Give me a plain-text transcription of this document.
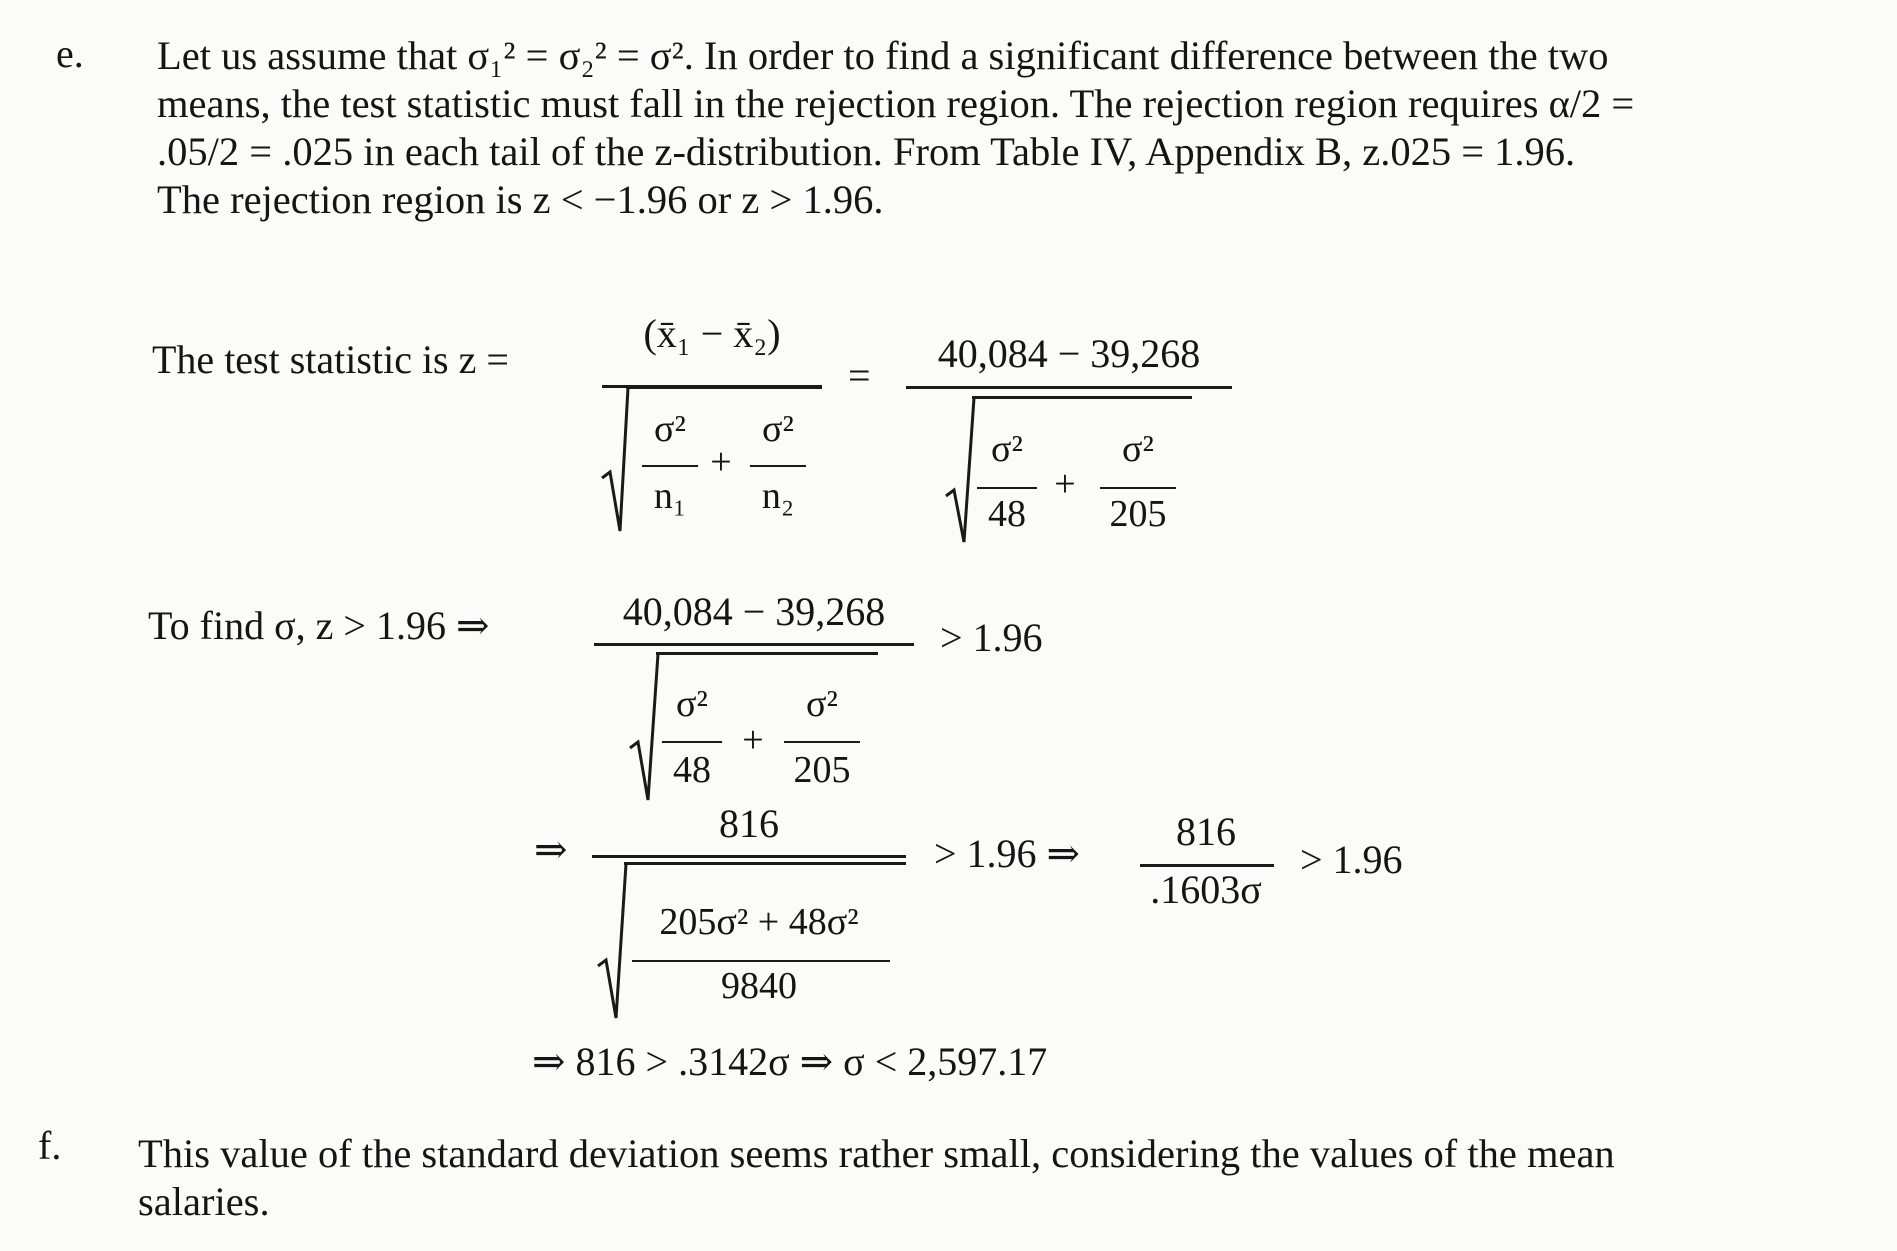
e. Let us assume that σ₁² = σ₂² = σ². In order to find a significant difference between the two
means, the test statistic must fall in the rejection region. The rejection region requires α/2 =
.05/2 = .025 in each tail of the z-distribution. From Table IV, Appendix B, z.025 = 1.96.
The rejection region is z < −1.96 or z > 1.96.
The test statistic is z =
(x̄₁ − x̄₂)
σ²
n₁
+
σ²
n₂
=	40,084 − 39,268
σ²
48
+
σ²
205
To find σ, z > 1.96 ⇒	40,084 − 39,268
σ²
48
+
σ²
205
> 1.96
⇒
816
205σ² + 48σ²
9840
> 1.96 ⇒	816
.1603σ
> 1.96
⇒ 816 > .3142σ ⇒ σ < 2,597.17
f. This value of the standard deviation seems rather small, considering the values of the mean
salaries.
